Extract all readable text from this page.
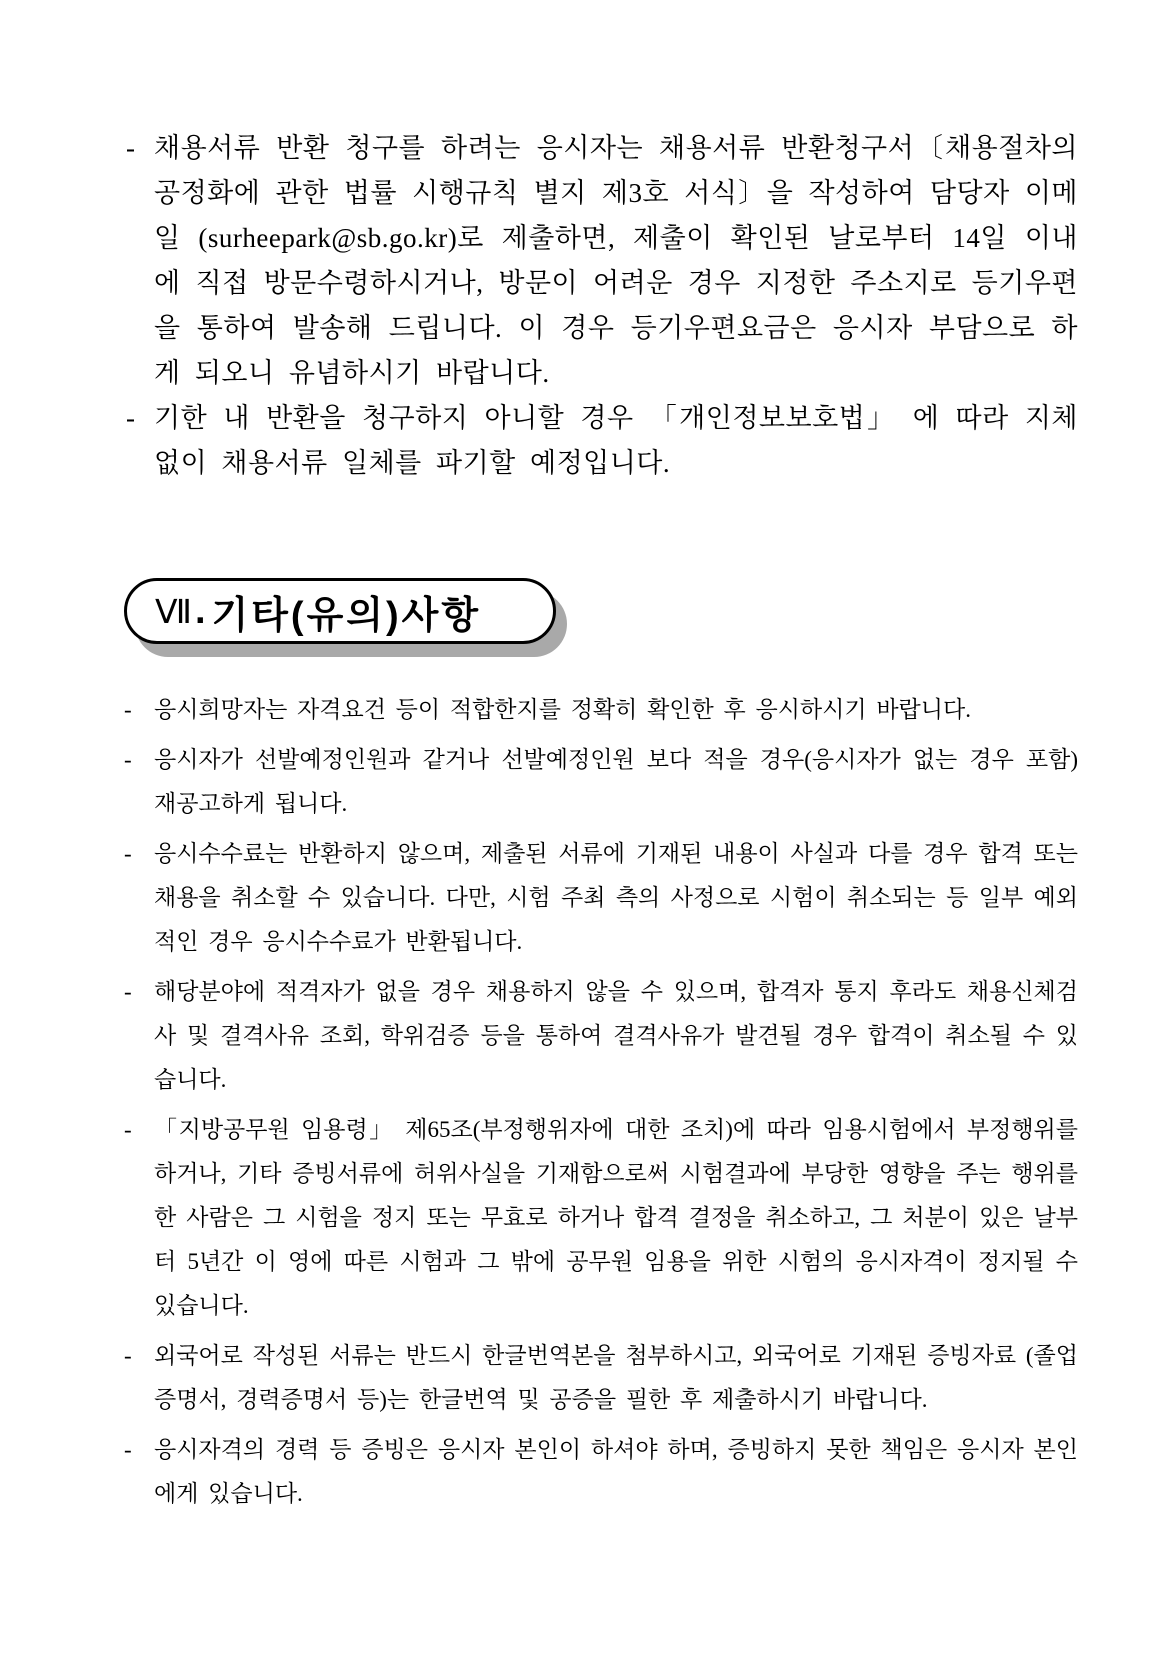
- 채용서류 반환 청구를 하려는 응시자는 채용서류 반환청구서〔채용절차의 공정화에 관한 법률 시행규칙 별지 제3호 서식〕을 작성하여 담당자 이메일 (surheepark@sb.go.kr)로 제출하면, 제출이 확인된 날로부터 14일 이내에 직접 방문수령하시거나, 방문이 어려운 경우 지정한 주소지로 등기우편을 통하여 발송해 드립니다. 이 경우 등기우편요금은 응시자 부담으로 하게 되오니 유념하시기 바랍니다.
- 기한 내 반환을 청구하지 아니할 경우 「개인정보보호법」 에 따라 지체 없이 채용서류 일체를 파기할 예정입니다.
Ⅶ . 기타(유의)사항
- 응시희망자는 자격요건 등이 적합한지를 정확히 확인한 후 응시하시기 바랍니다.
- 응시자가 선발예정인원과 같거나 선발예정인원 보다 적을 경우(응시자가 없는 경우 포함) 재공고하게 됩니다.
- 응시수수료는 반환하지 않으며, 제출된 서류에 기재된 내용이 사실과 다를 경우 합격 또는 채용을 취소할 수 있습니다. 다만, 시험 주최 측의 사정으로 시험이 취소되는 등 일부 예외적인 경우 응시수수료가 반환됩니다.
- 해당분야에 적격자가 없을 경우 채용하지 않을 수 있으며, 합격자 통지 후라도 채용신체검사 및 결격사유 조회, 학위검증 등을 통하여 결격사유가 발견될 경우 합격이 취소될 수 있습니다.
- 「지방공무원 임용령」 제65조(부정행위자에 대한 조치)에 따라 임용시험에서 부정행위를 하거나, 기타 증빙서류에 허위사실을 기재함으로써 시험결과에 부당한 영향을 주는 행위를 한 사람은 그 시험을 정지 또는 무효로 하거나 합격 결정을 취소하고, 그 처분이 있은 날부터 5년간 이 영에 따른 시험과 그 밖에 공무원 임용을 위한 시험의 응시자격이 정지될 수 있습니다.
- 외국어로 작성된 서류는 반드시 한글번역본을 첨부하시고, 외국어로 기재된 증빙자료 (졸업증명서, 경력증명서 등)는 한글번역 및 공증을 필한 후 제출하시기 바랍니다.
- 응시자격의 경력 등 증빙은 응시자 본인이 하셔야 하며, 증빙하지 못한 책임은 응시자 본인에게 있습니다.
